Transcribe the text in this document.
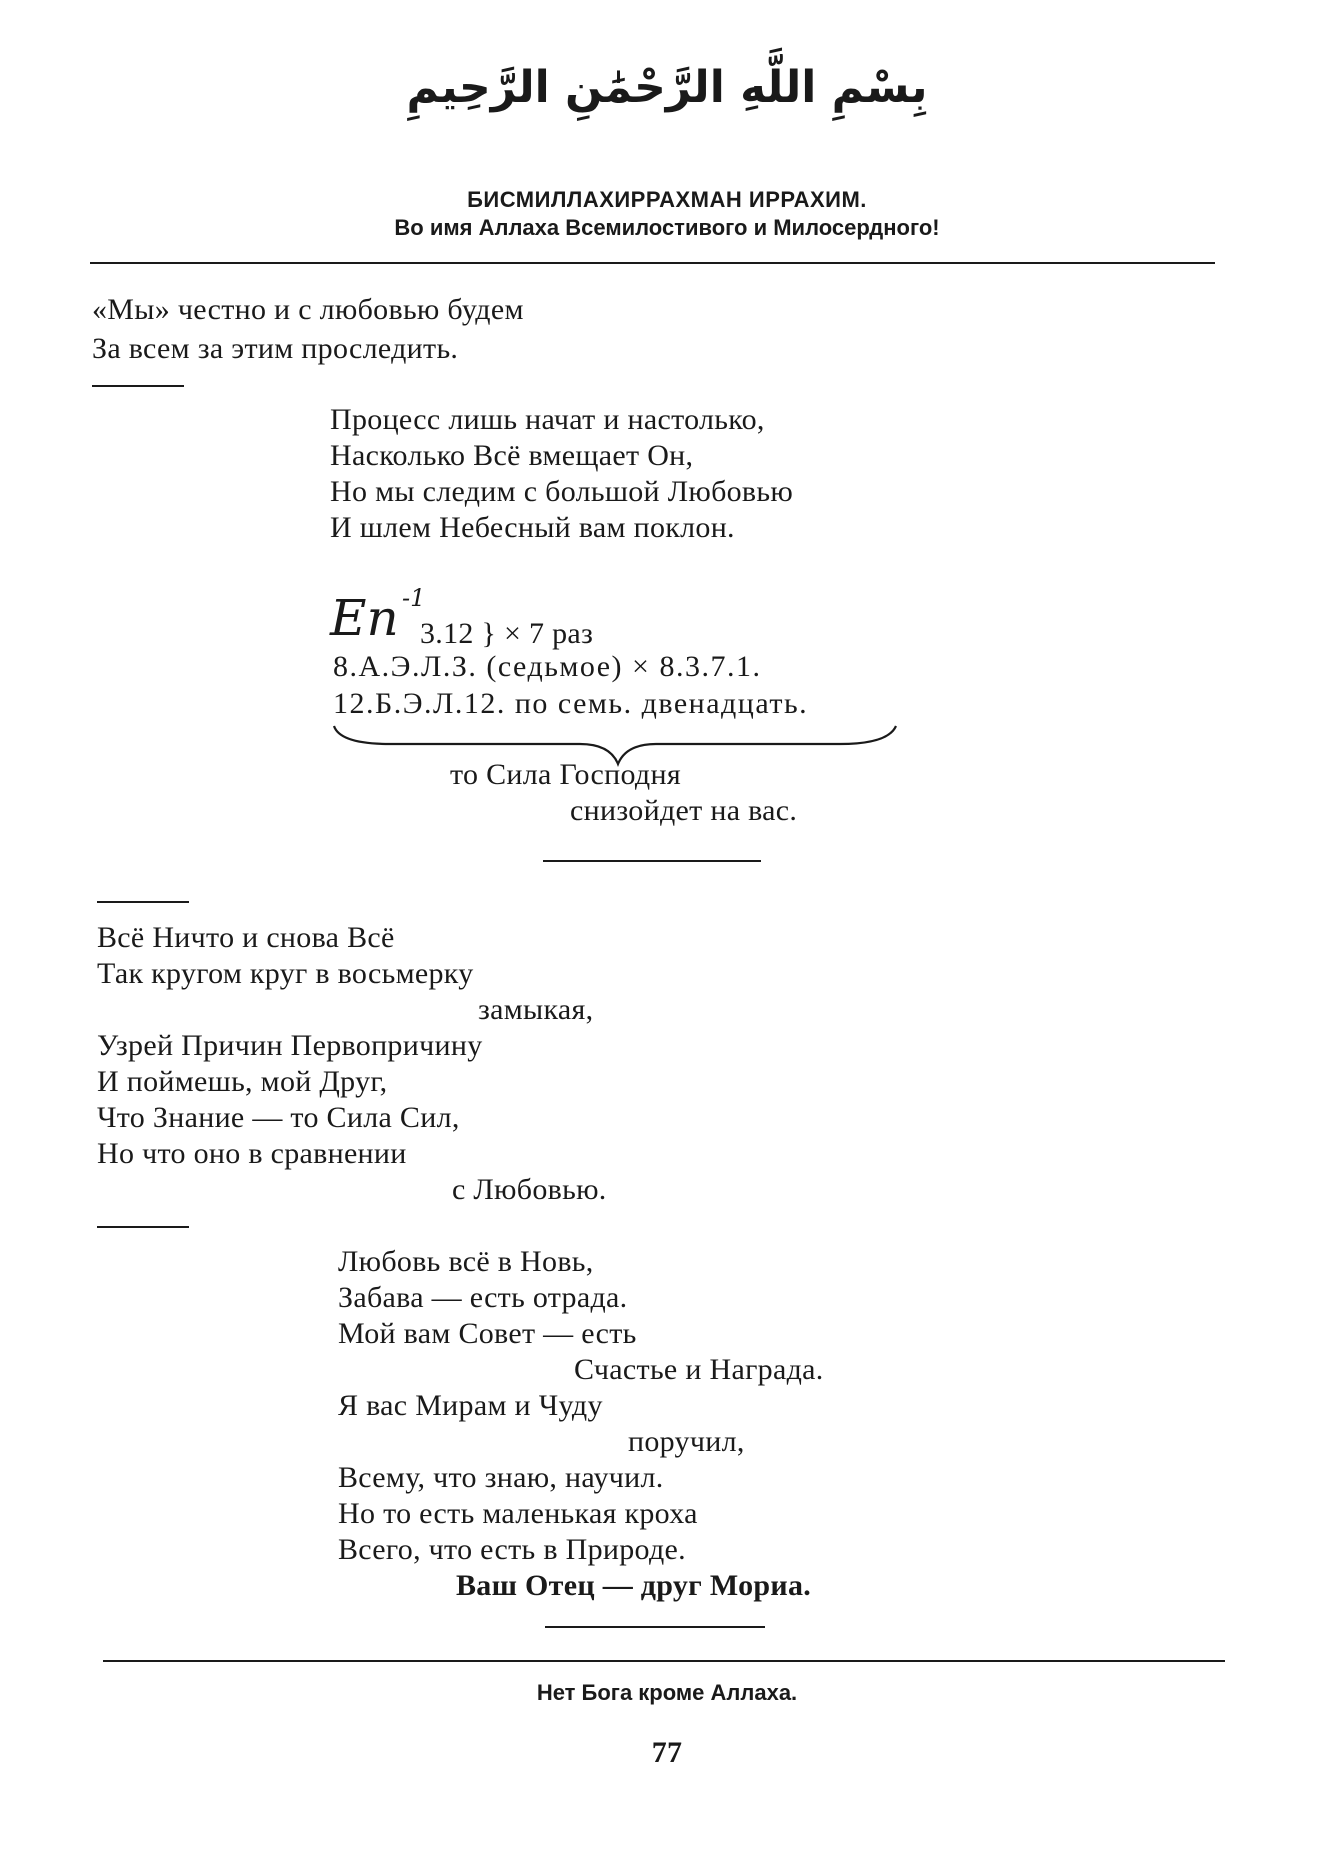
بِسْمِ اللَّهِ الرَّحْمَٰنِ الرَّحِيمِ
БИСМИЛЛАХИРРАХМАН ИРРАХИМ.
Во имя Аллаха Всемилостивого и Милосердного!
«Мы» честно и с любовью будем
За всем за этим проследить.
Процесс лишь начат и настолько,
Насколько Всё вмещает Он,
Но мы следим с большой Любовью
И шлем Небесный вам поклон.
En -1
3.12 } × 7 раз
8.А.Э.Л.З. (седьмое) × 8.3.7.1.
12.Б.Э.Л.12. по семь. двенадцать.
то Сила Господня
снизойдет на вас.
Всё Ничто и снова Всё
Так кругом круг в восьмерку
замыкая,
Узрей Причин Первопричину
И поймешь, мой Друг,
Что Знание — то Сила Сил,
Но что оно в сравнении
с Любовью.
Любовь всё в Новь,
Забава — есть отрада.
Мой вам Совет — есть
Счастье и Награда.
Я вас Мирам и Чуду
поручил,
Всему, что знаю, научил.
Но то есть маленькая кроха
Всего, что есть в Природе.
Ваш Отец — друг Мориа.
Нет Бога кроме Аллаха.
77
